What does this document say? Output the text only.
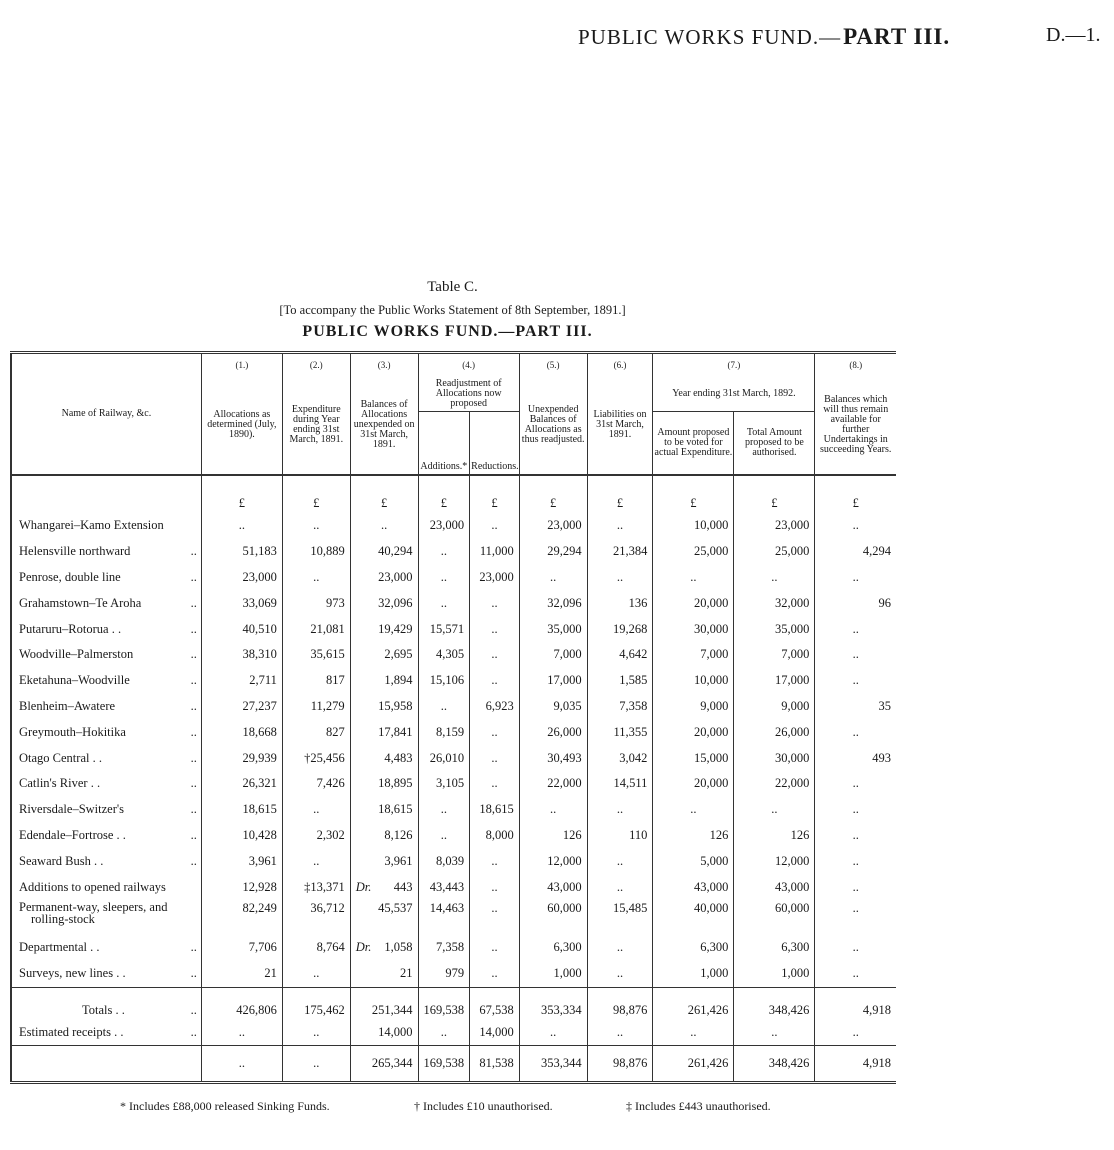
PUBLIC WORKS FUND.—PART III.	D.—1.
Table C.
[To accompany the Public Works Statement of 8th September, 1891.]
PUBLIC WORKS FUND.—PART III.
Name of Railway, &c.	(1.)	(2.)	(3.)	(4.)		(5.)	(6.)	(7.)		(8.)
	Allocations as determined (July, 1890).	Expenditure during Year ending 31st March, 1891.	Balances of Allocations unexpended on 31st March, 1891.	Readjustment of Allocations now proposed		Unexpended Balances of Allocations as thus readjusted.	Liabilities on 31st March, 1891.	Year ending 31st March, 1892.		Balances which will thus remain available for further Undertakings in succeeding Years.
				Additions.*	Reductions.			Amount proposed to be voted for actual Expenditure.	Total Amount proposed to be authorised.	
	£	£	£	£	£	£	£	£	£	£

Whangarei–Kamo Extension	..	..	..	23,000	..	23,000	..	10,000	23,000	..

Helensville northward ..	51,183	10,889	40,294	..	11,000	29,294	21,384	25,000	25,000	4,294

Penrose, double line ..	23,000	..	23,000	..	23,000	..	..	..	..	..

Grahamstown–Te Aroha ..	33,069	973	32,096	..	..	32,096	136	20,000	32,000	96

Putaruru–Rotorua . . ..	40,510	21,081	19,429	15,571	..	35,000	19,268	30,000	35,000	..

Woodville–Palmerston ..	38,310	35,615	2,695	4,305	..	7,000	4,642	7,000	7,000	..

Eketahuna–Woodville ..	2,711	817	1,894	15,106	..	17,000	1,585	10,000	17,000	..

Blenheim–Awatere ..	27,237	11,279	15,958	..	6,923	9,035	7,358	9,000	9,000	35

Greymouth–Hokitika ..	18,668	827	17,841	8,159	..	26,000	11,355	20,000	26,000	..

Otago Central . . ..	29,939	†25,456	4,483	26,010	..	30,493	3,042	15,000	30,000	493

Catlin's River . . ..	26,321	7,426	18,895	3,105	..	22,000	14,511	20,000	22,000	..

Riversdale–Switzer's ..	18,615	..	18,615	..	18,615	..	..	..	..	..

Edendale–Fortrose . . ..	10,428	2,302	8,126	..	8,000	126	110	126	126	..

Seaward Bush . . ..	3,961	..	3,961	8,039	..	12,000	..	5,000	12,000	..

Additions to opened railways	12,928	‡13,371	Dr. 443	43,443	..	43,000	..	43,000	43,000	..
Permanent-way, sleepers, and
rolling-stock	82,249	36,712	45,537	14,463	..	60,000	15,485	40,000	60,000	..

Departmental . . ..	7,706	8,764	Dr. 1,058	7,358	..	6,300	..	6,300	6,300	..

Surveys, new lines . . ..	21	..	21	979	..	1,000	..	1,000	1,000	..

Totals . . ..	426,806	175,462	251,344	169,538	67,538	353,334	98,876	261,426	348,426	4,918

Estimated receipts . . ..	..	..	14,000	..	14,000	..	..	..	..	..
	..	..	265,344	169,538	81,538	353,344	98,876	261,426	348,426	4,918
* Includes £88,000 released Sinking Funds.	† Includes £10 unauthorised.	‡ Includes £443 unauthorised.
